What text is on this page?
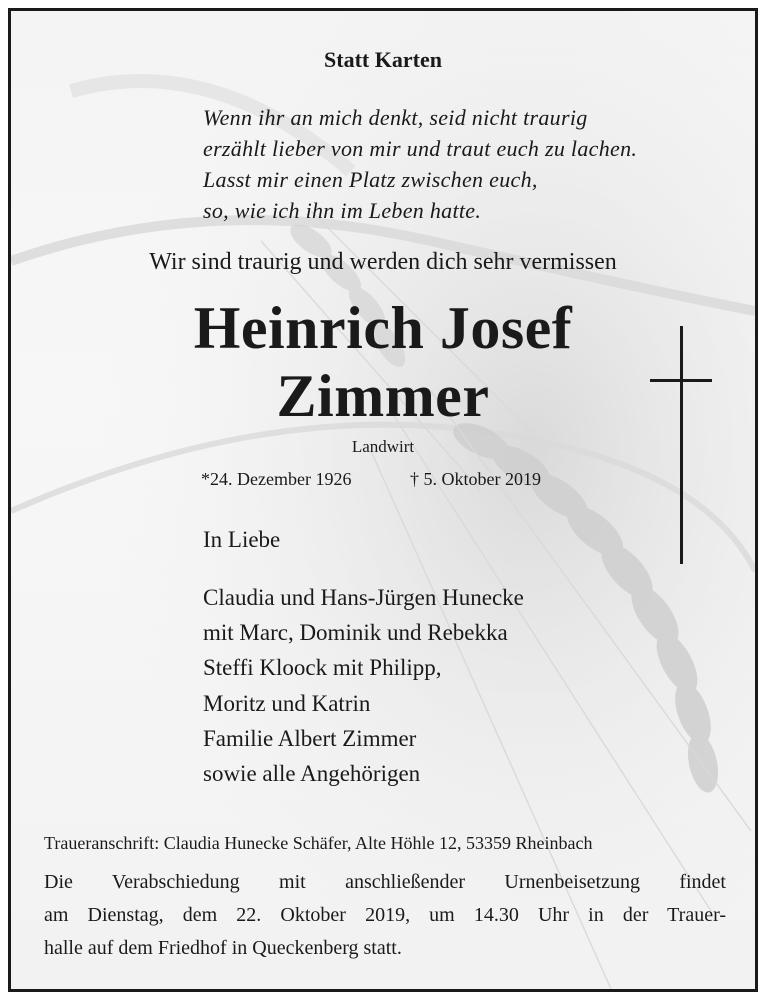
Statt Karten
Wenn ihr an mich denkt, seid nicht traurig
erzählt lieber von mir und traut euch zu lachen.
Lasst mir einen Platz zwischen euch,
so, wie ich ihn im Leben hatte.
Wir sind traurig und werden dich sehr vermissen
Heinrich Josef
Zimmer
Landwirt
*24. Dezember 1926	† 5. Oktober 2019
In Liebe
Claudia und Hans-Jürgen Hunecke
mit Marc, Dominik und Rebekka
Steffi Kloock mit Philipp,
Moritz und Katrin
Familie Albert Zimmer
sowie alle Angehörigen
Traueranschrift: Claudia Hunecke Schäfer, Alte Höhle 12, 53359 Rheinbach
Die Verabschiedung mit anschließender Urnenbeisetzung findet
am Dienstag, dem 22. Oktober 2019, um 14.30 Uhr in der Trauer-
halle auf dem Friedhof in Queckenberg statt.
